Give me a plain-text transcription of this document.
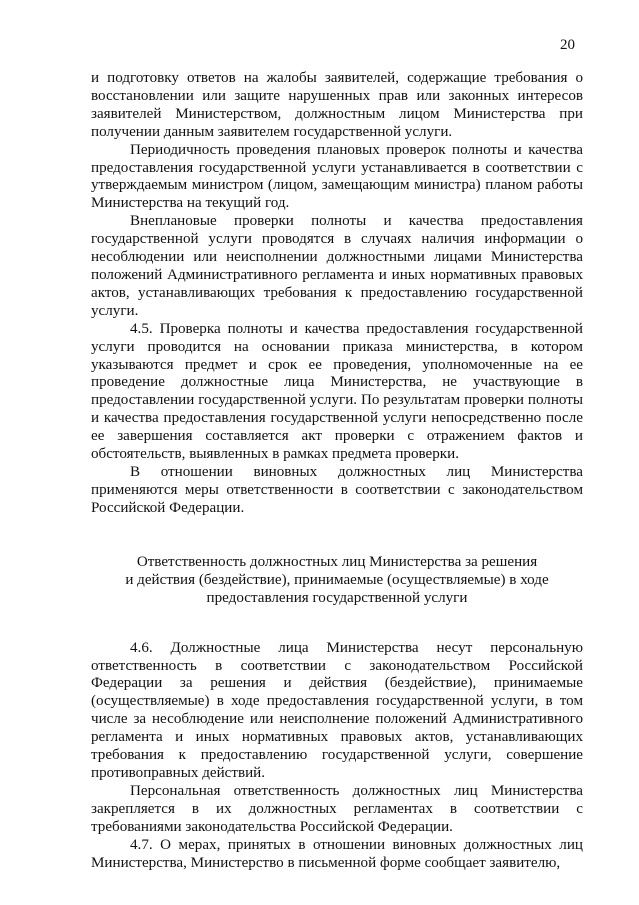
20

и подготовку ответов на жалобы заявителей, содержащие требования о восстановлении или защите нарушенных прав или законных интересов заявителей Министерством, должностным лицом Министерства при получении данным заявителем государственной услуги.

Периодичность проведения плановых проверок полноты и качества предоставления государственной услуги устанавливается в соответствии с утверждаемым министром (лицом, замещающим министра) планом работы Министерства на текущий год.

Внеплановые проверки полноты и качества предоставления государственной услуги проводятся в случаях наличия информации о несоблюдении или неисполнении должностными лицами Министерства положений Административного регламента и иных нормативных правовых актов, устанавливающих требования к предоставлению государственной услуги.

4.5. Проверка полноты и качества предоставления государственной услуги проводится на основании приказа министерства, в котором указываются предмет и срок ее проведения, уполномоченные на ее проведение должностные лица Министерства, не участвующие в предоставлении государственной услуги. По результатам проверки полноты и качества предоставления государственной услуги непосредственно после ее завершения составляется акт проверки с отражением фактов и обстоятельств, выявленных в рамках предмета проверки.

В отношении виновных должностных лиц Министерства применяются меры ответственности в соответствии с законодательством Российской Федерации.

Ответственность должностных лиц Министерства за решения
и действия (бездействие), принимаемые (осуществляемые) в ходе
предоставления государственной услуги

4.6. Должностные лица Министерства несут персональную ответственность в соответствии с законодательством Российской Федерации за решения и действия (бездействие), принимаемые (осуществляемые) в ходе предоставления государственной услуги, в том числе за несоблюдение или неисполнение положений Административного регламента и иных нормативных правовых актов, устанавливающих требования к предоставлению государственной услуги, совершение противоправных действий.

Персональная ответственность должностных лиц Министерства закрепляется в их должностных регламентах в соответствии с требованиями законодательства Российской Федерации.

4.7. О мерах, принятых в отношении виновных должностных лиц Министерства, Министерство в письменной форме сообщает заявителю,
